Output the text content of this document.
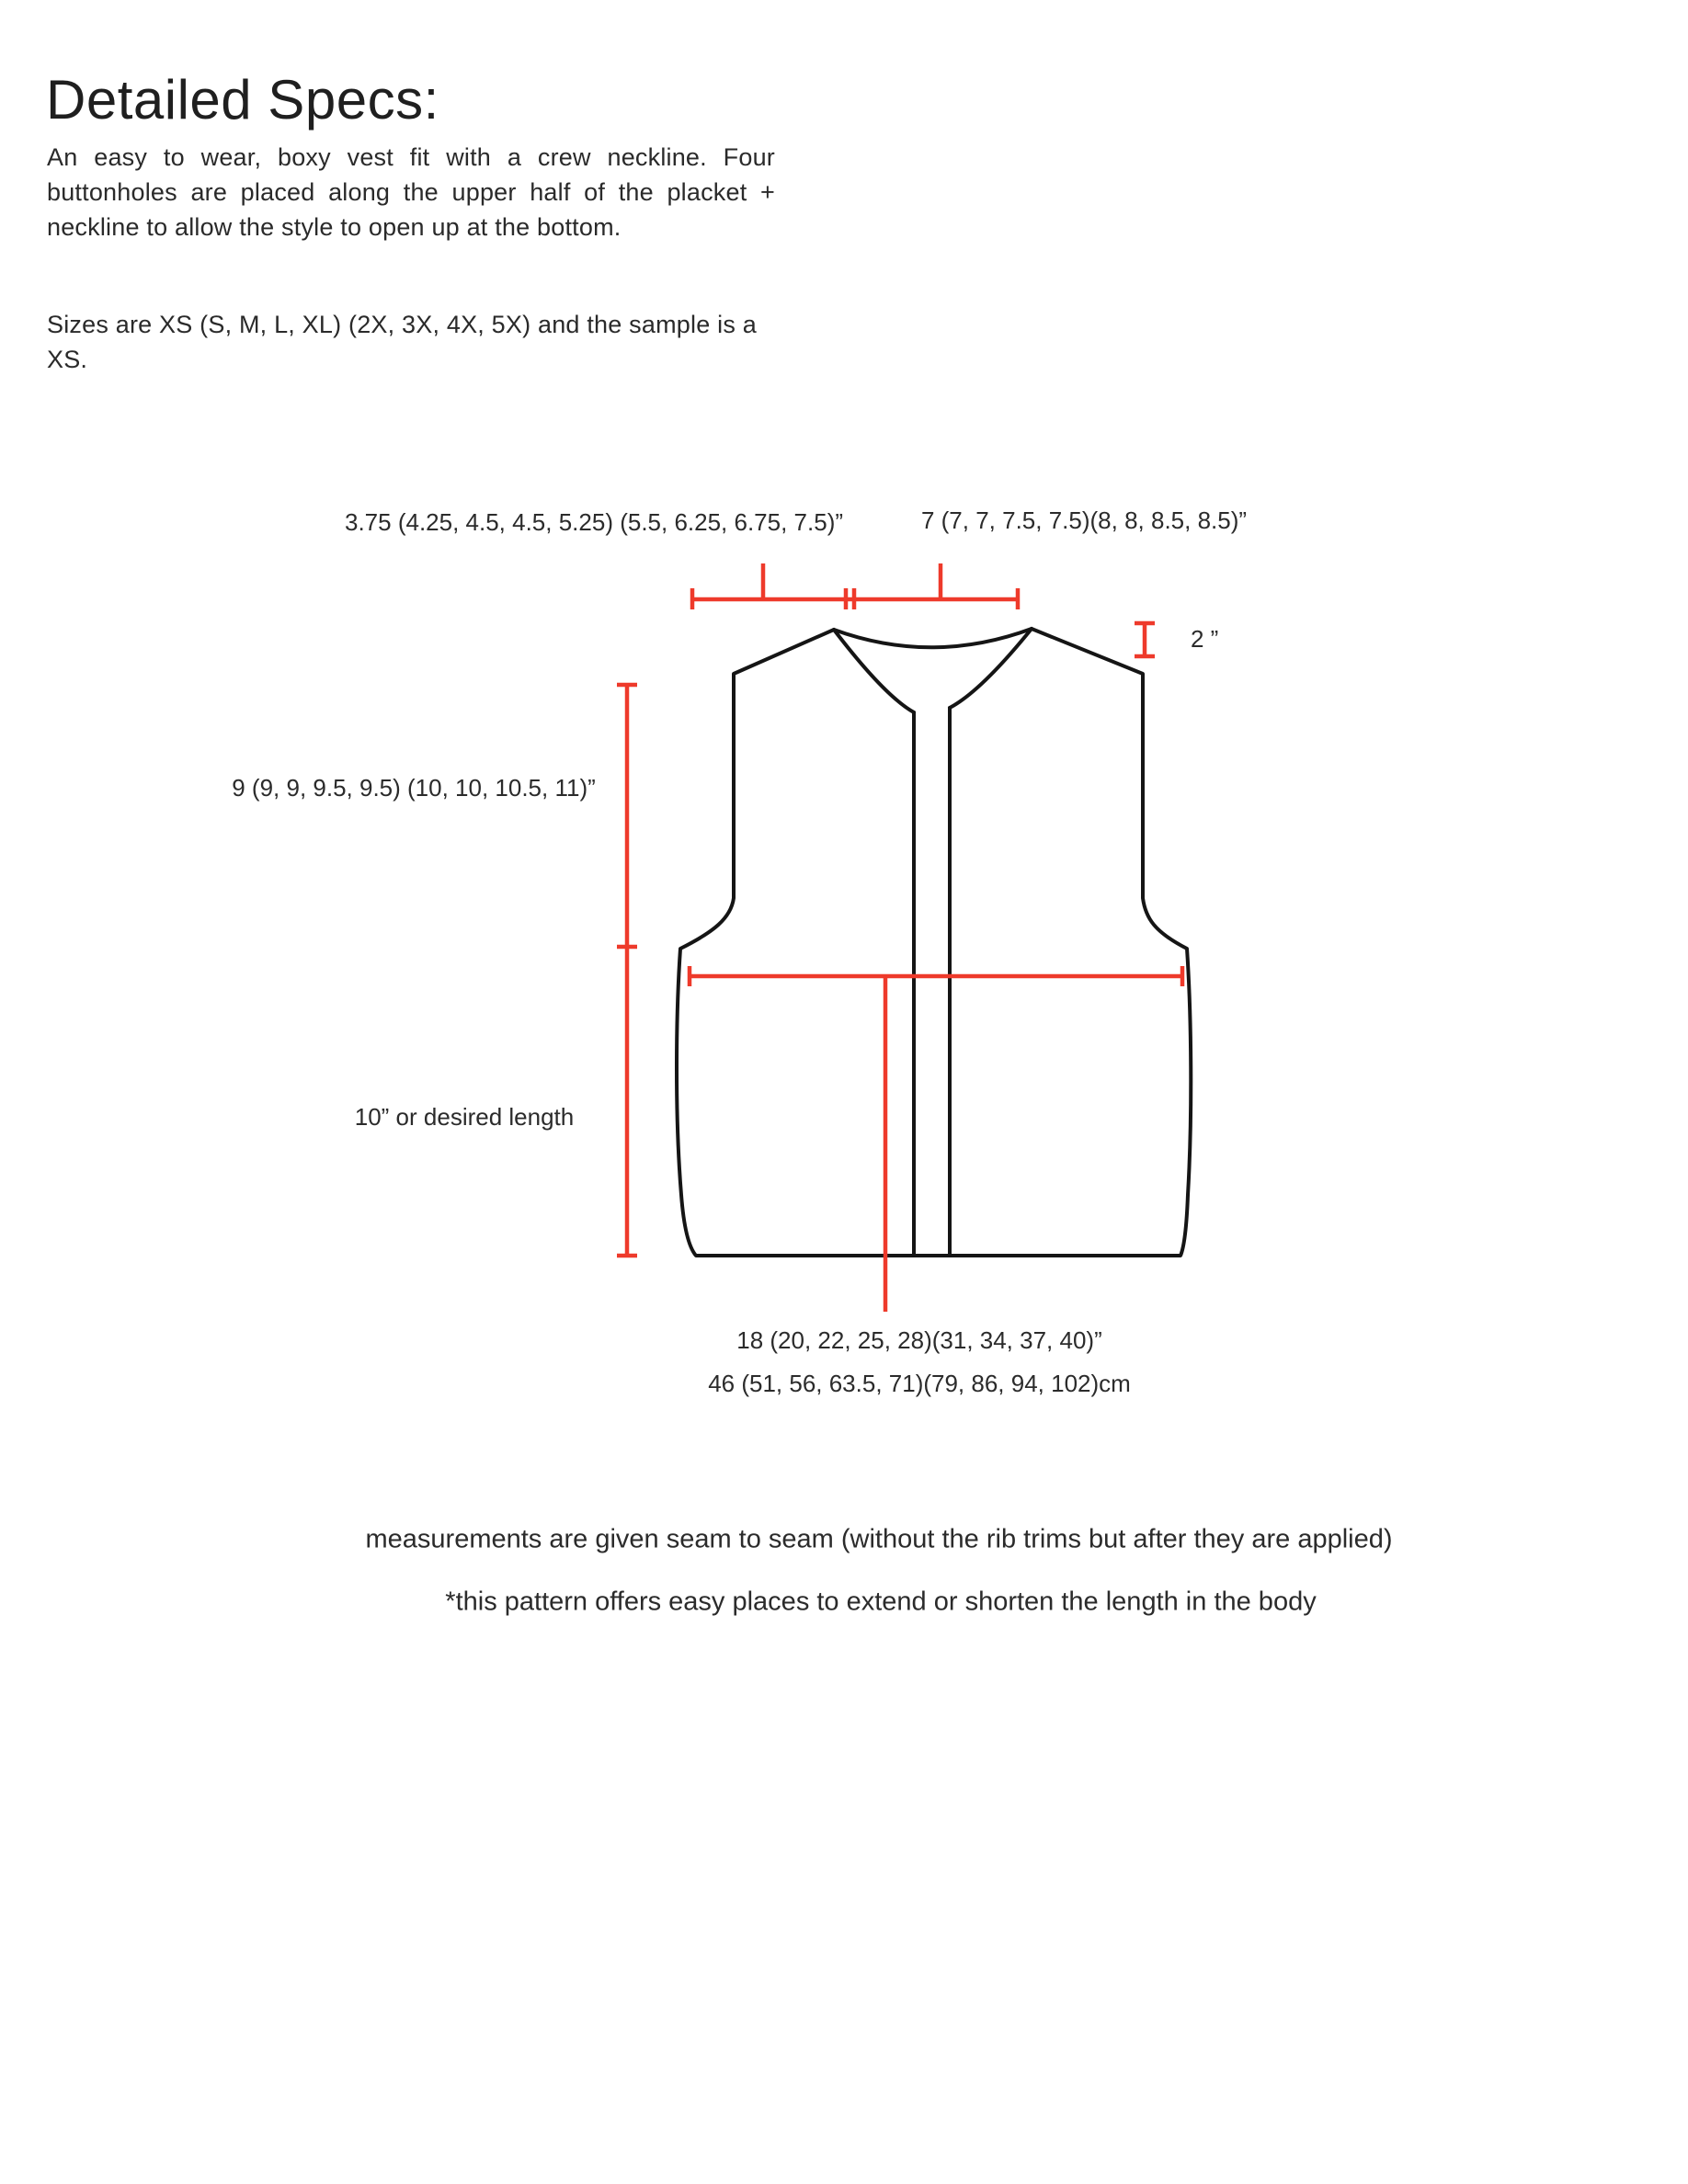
Detailed Specs:
An easy to wear, boxy vest fit with a crew neckline. Four buttonholes are placed along the upper half of the placket + neckline to allow the style to open up at the bottom.
Sizes are XS (S, M, L, XL) (2X, 3X, 4X, 5X) and the sample is a XS.
3.75 (4.25, 4.5, 4.5, 5.25) (5.5, 6.25, 6.75, 7.5)”	7 (7, 7, 7.5, 7.5)(8, 8, 8.5, 8.5)”
2 ”
9 (9, 9, 9.5, 9.5) (10, 10, 10.5, 11)”
10” or desired length
18 (20, 22, 25, 28)(31, 34, 37, 40)”
46 (51, 56, 63.5, 71)(79, 86, 94, 102)cm
measurements are given seam to seam (without the rib trims but after they are applied)
*this pattern offers easy places to extend or shorten the length in the body
